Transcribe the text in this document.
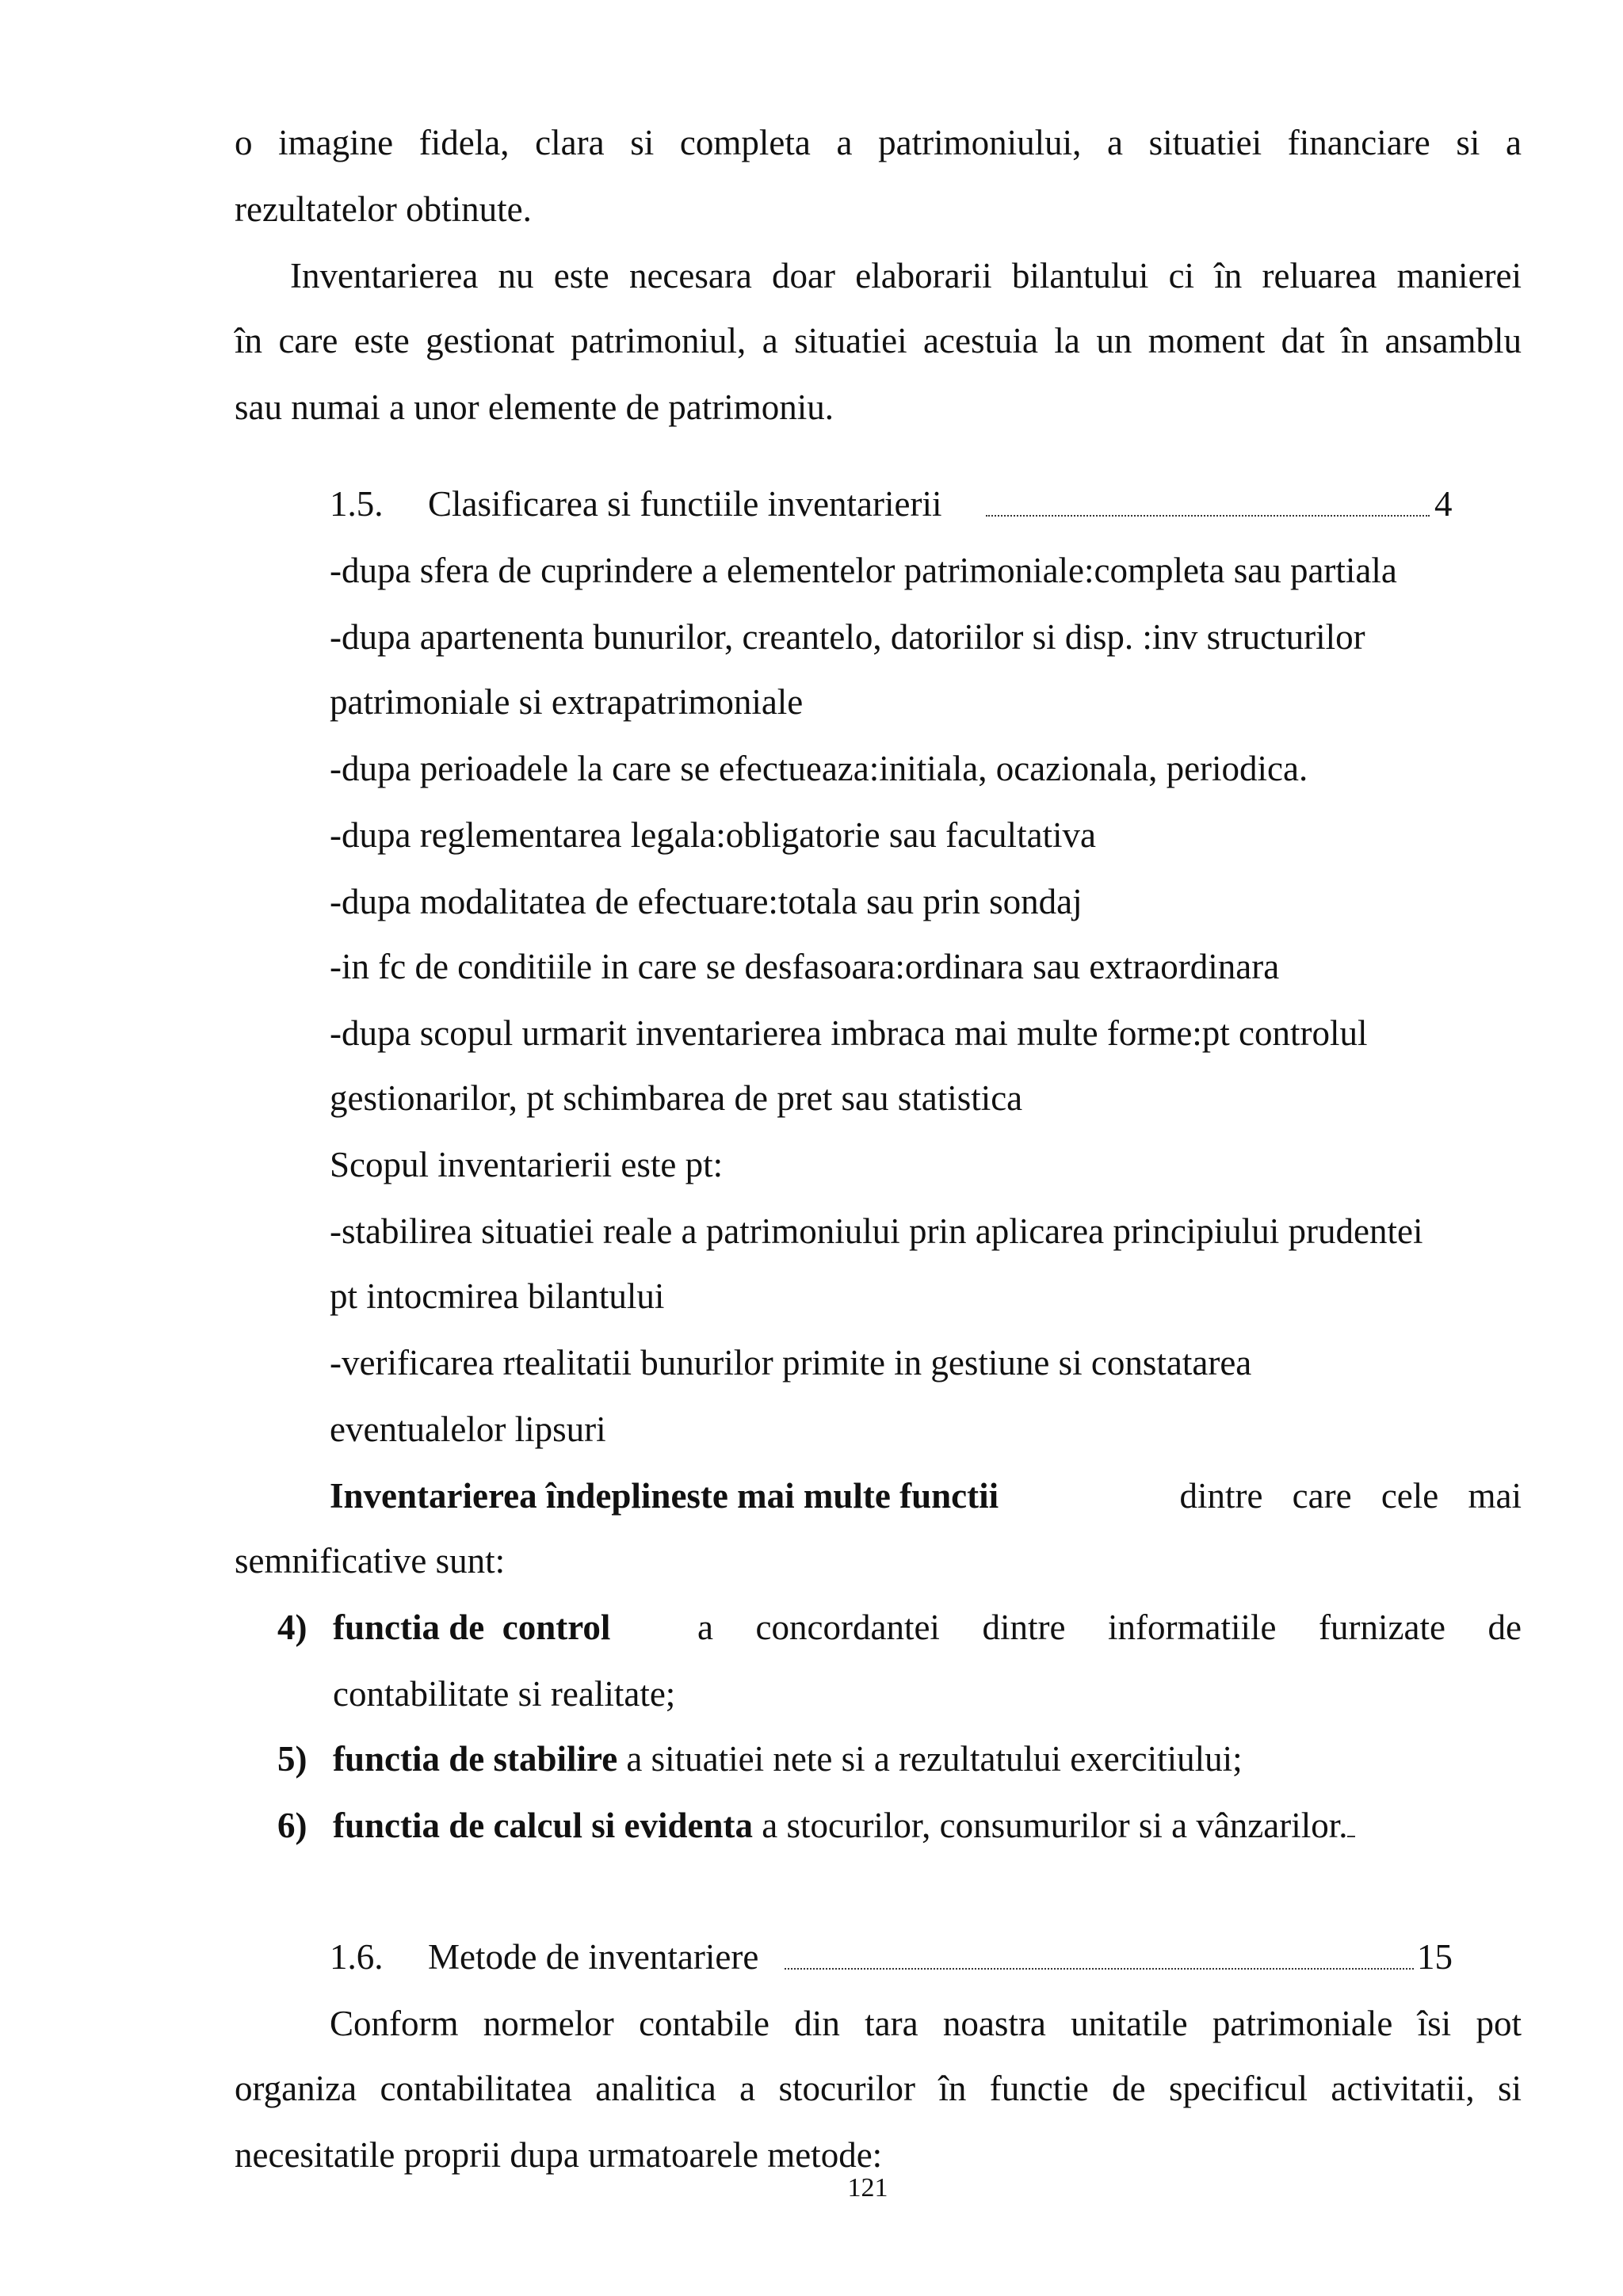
o imagine fidela, clara si completa a patrimoniului, a situatiei financiare si a
rezultatelor obtinute.
Inventarierea nu este necesara doar elaborarii bilantului ci în reluarea manierei
în care este gestionat patrimoniul, a situatiei acestuia la un moment dat în ansamblu
sau numai a unor elemente de patrimoniu.
1.5. Clasificarea si functiile inventarierii	4
-dupa sfera de cuprindere a elementelor patrimoniale:completa sau partiala
-dupa apartenenta bunurilor, creantelo, datoriilor si disp. :inv structurilor
patrimoniale si extrapatrimoniale
-dupa perioadele la care se efectueaza:initiala, ocazionala, periodica.
-dupa reglementarea legala:obligatorie sau facultativa
-dupa modalitatea de efectuare:totala sau prin sondaj
-in fc de conditiile in care se desfasoara:ordinara sau extraordinara
-dupa scopul urmarit inventarierea imbraca mai multe forme:pt controlul
gestionarilor, pt schimbarea de pret sau statistica
Scopul inventarierii este pt:
-stabilirea situatiei reale a patrimoniului prin aplicarea principiului prudentei
pt intocmirea bilantului
-verificarea rtealitatii bunurilor primite in gestiune si constatarea
eventualelor lipsuri
Inventarierea îndeplineste mai multe functii	dintre care cele mai
semnificative sunt:
4) functia de  control a concordantei dintre informatiile furnizate de
contabilitate si realitate;
5) functia de stabilire a situatiei nete si a rezultatului exercitiului;
6) functia de calcul si evidenta a stocurilor, consumurilor si a vânzarilor.
1.6. Metode de inventariere	15
Conform normelor contabile din tara noastra unitatile patrimoniale îsi pot
organiza contabilitatea analitica a stocurilor în functie de specificul activitatii, si
necesitatile proprii dupa urmatoarele metode:
121
